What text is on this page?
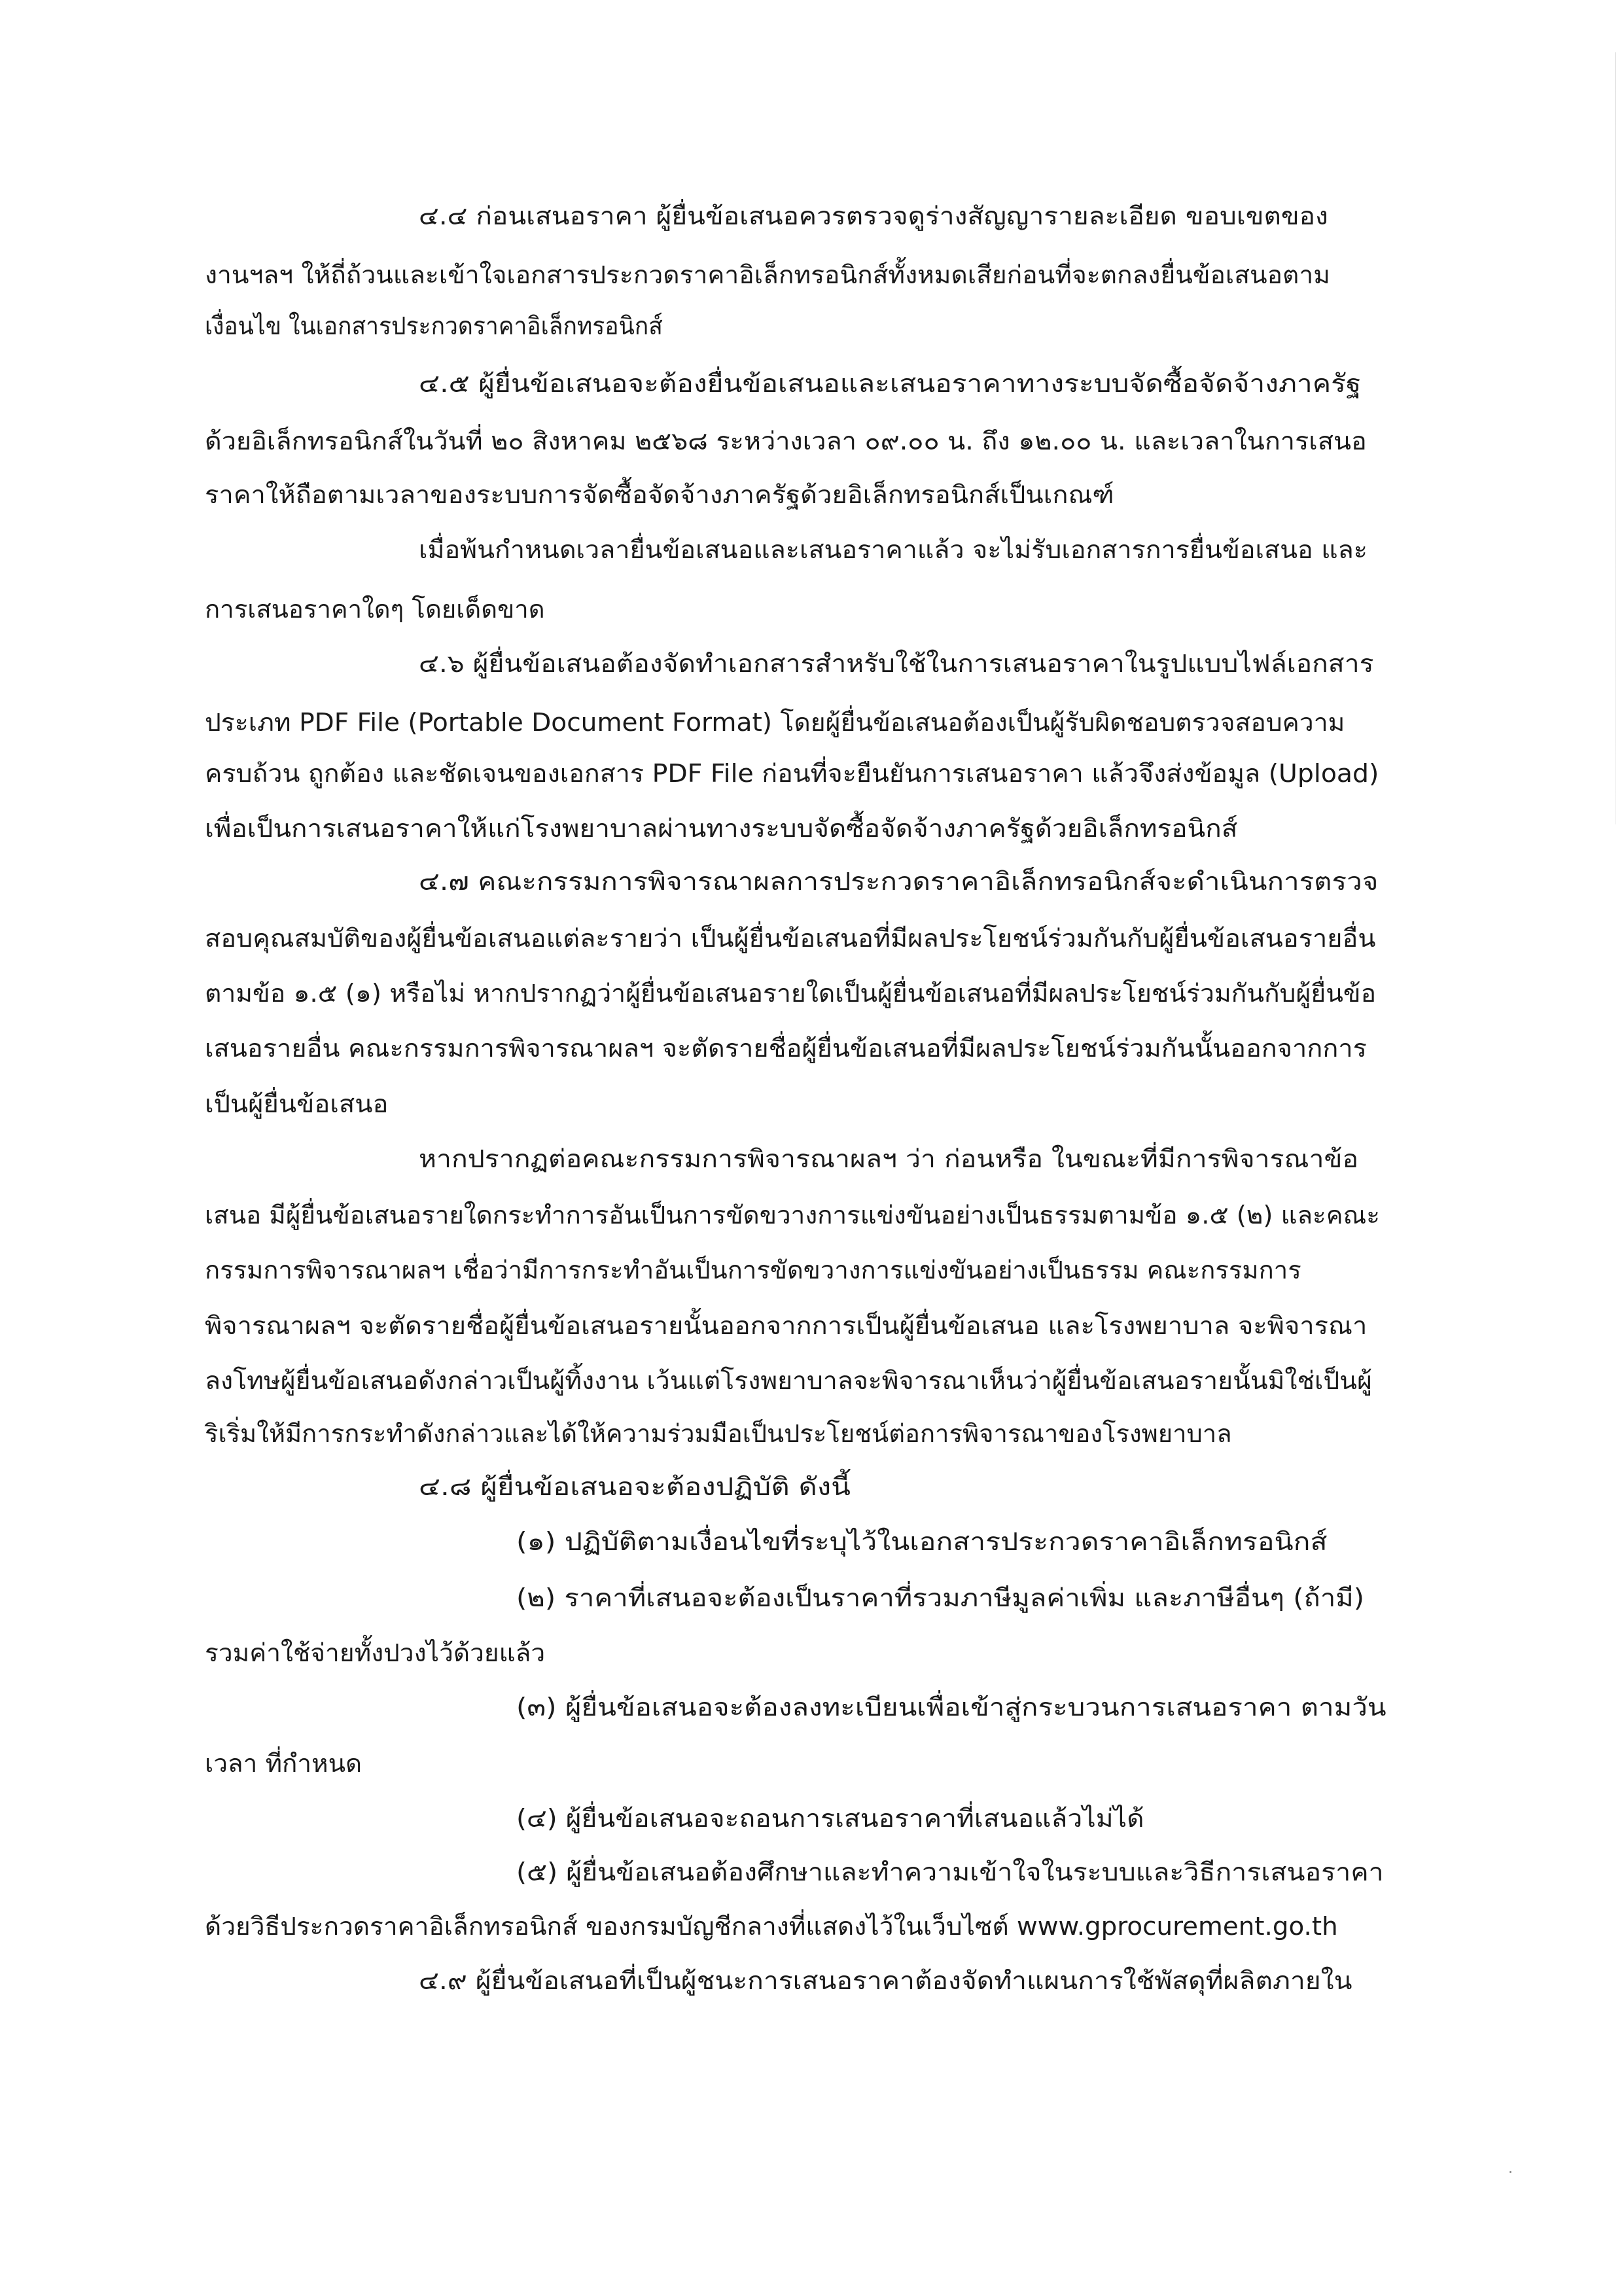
๔.๔ ก่อนเสนอราคา ผู้ยื่นข้อเสนอควรตรวจดูร่างสัญญารายละเอียด ขอบเขตของ
งานฯลฯ ให้ถี่ถ้วนและเข้าใจเอกสารประกวดราคาอิเล็กทรอนิกส์ทั้งหมดเสียก่อนที่จะตกลงยื่นข้อเสนอตาม
เงื่อนไข ในเอกสารประกวดราคาอิเล็กทรอนิกส์
๔.๕ ผู้ยื่นข้อเสนอจะต้องยื่นข้อเสนอและเสนอราคาทางระบบจัดซื้อจัดจ้างภาครัฐ
ด้วยอิเล็กทรอนิกส์ในวันที่ ๒๐ สิงหาคม ๒๕๖๘ ระหว่างเวลา ๐๙.๐๐ น. ถึง ๑๒.๐๐ น. และเวลาในการเสนอ
ราคาให้ถือตามเวลาของระบบการจัดซื้อจัดจ้างภาครัฐด้วยอิเล็กทรอนิกส์เป็นเกณฑ์
เมื่อพ้นกำหนดเวลายื่นข้อเสนอและเสนอราคาแล้ว จะไม่รับเอกสารการยื่นข้อเสนอ และ
การเสนอราคาใดๆ โดยเด็ดขาด
๔.๖ ผู้ยื่นข้อเสนอต้องจัดทำเอกสารสำหรับใช้ในการเสนอราคาในรูปแบบไฟล์เอกสาร
ประเภท PDF File (Portable Document Format) โดยผู้ยื่นข้อเสนอต้องเป็นผู้รับผิดชอบตรวจสอบความ
ครบถ้วน ถูกต้อง และชัดเจนของเอกสาร PDF File ก่อนที่จะยืนยันการเสนอราคา แล้วจึงส่งข้อมูล (Upload)
เพื่อเป็นการเสนอราคาให้แก่โรงพยาบาลผ่านทางระบบจัดซื้อจัดจ้างภาครัฐด้วยอิเล็กทรอนิกส์
๔.๗ คณะกรรมการพิจารณาผลการประกวดราคาอิเล็กทรอนิกส์จะดำเนินการตรวจ
สอบคุณสมบัติของผู้ยื่นข้อเสนอแต่ละรายว่า เป็นผู้ยื่นข้อเสนอที่มีผลประโยชน์ร่วมกันกับผู้ยื่นข้อเสนอรายอื่น
ตามข้อ ๑.๕ (๑) หรือไม่ หากปรากฏว่าผู้ยื่นข้อเสนอรายใดเป็นผู้ยื่นข้อเสนอที่มีผลประโยชน์ร่วมกันกับผู้ยื่นข้อ
เสนอรายอื่น คณะกรรมการพิจารณาผลฯ จะตัดรายชื่อผู้ยื่นข้อเสนอที่มีผลประโยชน์ร่วมกันนั้นออกจากการ
เป็นผู้ยื่นข้อเสนอ
หากปรากฏต่อคณะกรรมการพิจารณาผลฯ ว่า ก่อนหรือ ในขณะที่มีการพิจารณาข้อ
เสนอ มีผู้ยื่นข้อเสนอรายใดกระทำการอันเป็นการขัดขวางการแข่งขันอย่างเป็นธรรมตามข้อ ๑.๕ (๒) และคณะ
กรรมการพิจารณาผลฯ เชื่อว่ามีการกระทำอันเป็นการขัดขวางการแข่งขันอย่างเป็นธรรม คณะกรรมการ
พิจารณาผลฯ จะตัดรายชื่อผู้ยื่นข้อเสนอรายนั้นออกจากการเป็นผู้ยื่นข้อเสนอ และโรงพยาบาล จะพิจารณา
ลงโทษผู้ยื่นข้อเสนอดังกล่าวเป็นผู้ทิ้งงาน เว้นแต่โรงพยาบาลจะพิจารณาเห็นว่าผู้ยื่นข้อเสนอรายนั้นมิใช่เป็นผู้
ริเริ่มให้มีการกระทำดังกล่าวและได้ให้ความร่วมมือเป็นประโยชน์ต่อการพิจารณาของโรงพยาบาล
๔.๘ ผู้ยื่นข้อเสนอจะต้องปฏิบัติ ดังนี้
(๑) ปฏิบัติตามเงื่อนไขที่ระบุไว้ในเอกสารประกวดราคาอิเล็กทรอนิกส์
(๒) ราคาที่เสนอจะต้องเป็นราคาที่รวมภาษีมูลค่าเพิ่ม และภาษีอื่นๆ (ถ้ามี)
รวมค่าใช้จ่ายทั้งปวงไว้ด้วยแล้ว
(๓) ผู้ยื่นข้อเสนอจะต้องลงทะเบียนเพื่อเข้าสู่กระบวนการเสนอราคา ตามวัน
เวลา ที่กำหนด
(๔) ผู้ยื่นข้อเสนอจะถอนการเสนอราคาที่เสนอแล้วไม่ได้
(๕) ผู้ยื่นข้อเสนอต้องศึกษาและทำความเข้าใจในระบบและวิธีการเสนอราคา
ด้วยวิธีประกวดราคาอิเล็กทรอนิกส์ ของกรมบัญชีกลางที่แสดงไว้ในเว็บไซต์ www.gprocurement.go.th
๔.๙ ผู้ยื่นข้อเสนอที่เป็นผู้ชนะการเสนอราคาต้องจัดทำแผนการใช้พัสดุที่ผลิตภายใน
